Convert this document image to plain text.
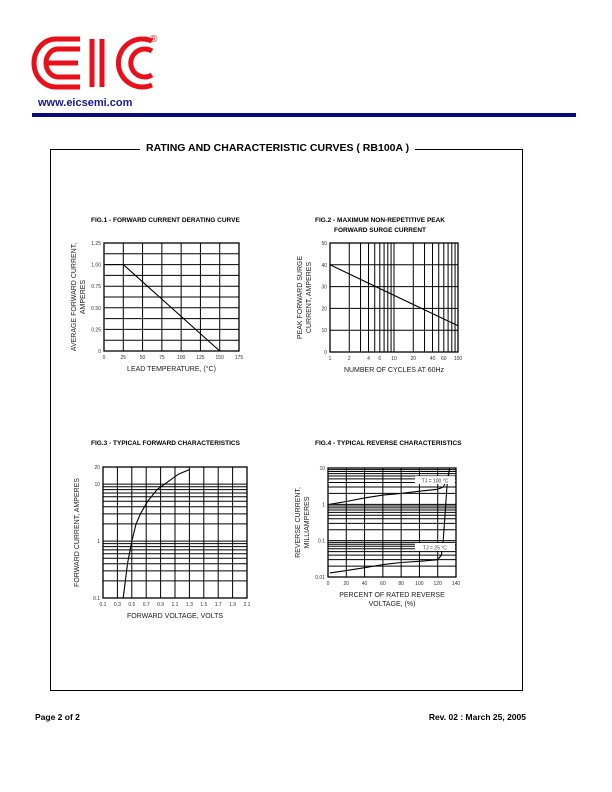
®
www.eicsemi.com
RATING AND CHARACTERISTIC CURVES ( RB100A )
FIG.1 - FORWARD CURRENT DERATING CURVE	FIG.2 - MAXIMUM NON-REPETITIVE PEAK
FORWARD SURGE CURRENT
FIG.3 - TYPICAL FORWARD CHARACTERISTICS	FIG.4 - TYPICAL REVERSE CHARACTERISTICS
0	25	50	75 100 125 150 175
0
0.25
0.50
0.75
1.00
1.25
LEAD TEMPERATURE, (°C)
AVERAGE FORWARD CURRENT, AMPERES
1	2	4 6 10	20	40 60 100
0
10
20
30
40
50
NUMBER OF CYCLES AT 60Hz
PEAK FORWARD SURGE CURRENT, AMPERES
0.1 0.3 0.5 0.7 0.9 1.1 1.3 1.5 1.7 1.9 2.1
0.1
1
10
20
FORWARD VOLTAGE, VOLTS
FORWARD CURRENT, AMPERES	0	20	40	60	80 100 120 140
0.01
0.1
1
10
PERCENT OF RATED REVERSE
VOLTAGE, (%)
REVERSE CURRENT, MILLIAMPERES
TJ = 100 °C
TJ = 25 °C
Page 2 of 2	Rev. 02 : March 25, 2005
